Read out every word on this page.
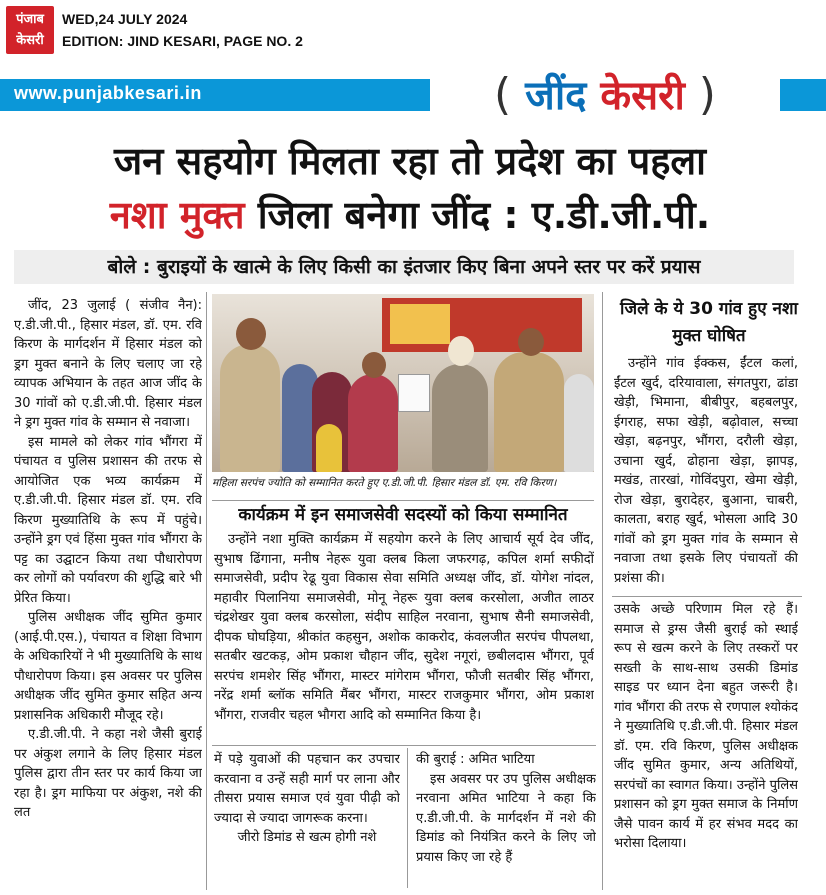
पंजाब
केसरी
WED,24 JULY 2024
EDITION: JIND KESARI, PAGE NO. 2
www.punjabkesari.in	( जींद केसरी )
जन सहयोग मिलता रहा तो प्रदेश का पहला
नशा मुक्त जिला बनेगा जींद : ए.डी.जी.पी.
बोले : बुराइयों के खात्मे के लिए किसी का इंतजार किए बिना अपने स्तर पर करें प्रयास

जींद, 23 जुलाई ( संजीव नैन): ए.डी.जी.पी., हिसार मंडल, डॉ. एम. रवि किरण के मार्गदर्शन में हिसार मंडल को ड्रग मुक्त बनाने के लिए चलाए जा रहे व्यापक अभियान के तहत आज जींद के 30 गांवों को ए.डी.जी.पी. हिसार मंडल ने ड्रग मुक्त गांव के सम्मान से नवाजा।

इस मामले को लेकर गांव भौंगरा में पंचायत व पुलिस प्रशासन की तरफ से आयोजित एक भव्य कार्यक्रम में ए.डी.जी.पी. हिसार मंडल डॉ. एम. रवि किरण मुख्यातिथि के रूप में पहुंचे। उन्होंने ड्रग एवं हिंसा मुक्त गांव भौंगरा के पट्ट का उद्घाटन किया तथा पौधारोपण कर लोगों को पर्यावरण की शुद्धि बारे भी प्रेरित किया।

पुलिस अधीक्षक जींद सुमित कुमार (आई.पी.एस.), पंचायत व शिक्षा विभाग के अधिकारियों ने भी मुख्यातिथि के साथ पौधारोपण किया। इस अवसर पर पुलिस अधीक्षक जींद सुमित कुमार सहित अन्य प्रशासनिक अधिकारी मौजूद रहे।

ए.डी.जी.पी. ने कहा नशे जैसी बुराई पर अंकुश लगाने के लिए हिसार मंडल पुलिस द्वारा तीन स्तर पर कार्य किया जा रहा है। ड्रग माफिया पर अंकुश, नशे की लत

महिला सरपंच ज्योति को सम्मानित करते हुए ए.डी.जी.पी. हिसार मंडल डॉ. एम. रवि किरण।
कार्यक्रम में इन समाजसेवी सदस्यों को किया सम्मानित

उन्होंने नशा मुक्ति कार्यक्रम में सहयोग करने के लिए आचार्य सूर्य देव जींद, सुभाष ढिंगाना, मनीष नेहरू युवा क्लब किला जफरगढ़, कपिल शर्मा सफीदों समाजसेवी, प्रदीप रेढू युवा विकास सेवा समिति अध्यक्ष जींद, डॉ. योगेश नांदल, महावीर पिलानिया समाजसेवी, मोनू नेहरू युवा क्लब करसोला, अजीत लाठर चंद्रशेखर युवा क्लब करसोला, संदीप साहिल नरवाना, सुभाष सैनी समाजसेवी, दीपक घोघड़िया, श्रीकांत कहसुन, अशोक काकरोद, कंवलजीत सरपंच पीपलथा, सतबीर खटकड़, ओम प्रकाश चौहान जींद, सुदेश नगूरां, छबीलदास भौंगरा, पूर्व सरपंच शमशेर सिंह भौंगरा, मास्टर मांगेराम भौंगरा, फौजी सतबीर सिंह भौंगरा, नरेंद्र शर्मा ब्लॉक समिति मैंबर भौंगरा, मास्टर राजकुमार भौंगरा, ओम प्रकाश भौंगरा, राजवीर चहल भौगरा आदि को सम्मानित किया है।

में पड़े युवाओं की पहचान कर उपचार करवाना व उन्हें सही मार्ग पर लाना और तीसरा प्रयास समाज एवं युवा पीढ़ी को ज्यादा से ज्यादा जागरूक करना।

जीरो डिमांड से खत्म होगी नशे

की बुराई : अमित भाटिया

इस अवसर पर उप पुलिस अधीक्षक नरवाना अमित भाटिया ने कहा कि ए.डी.जी.पी. के मार्गदर्शन में नशे की डिमांड को नियंत्रित करने के लिए जो प्रयास किए जा रहे हैं

जिले के ये 30 गांव हुए नशा मुक्त घोषित

उन्होंने गांव ईक्कस, ईंटल कलां, ईंटल खुर्द, दरियावाला, संगतपुरा, ढांडा खेड़ी, भिमाना, बीबीपुर, बहबलपुर, ईगराह, सफा खेड़ी, बढ़ोवाल, सच्चा खेड़ा, बढ़नपुर, भौंगरा, दरौली खेड़ा, उचाना खुर्द, ढोहाना खेड़ा, झापड़, मखंड, तारखां, गोविंदपुरा, खेमा खेड़ी, रोज खेड़ा, बुरादेहर, बुआना, चाबरी, कालता, बराह खुर्द, भोसला आदि 30 गांवों को ड्रग मुक्त गांव के सम्मान से नवाजा तथा इसके लिए पंचायतों की प्रशंसा की।

उसके अच्छे परिणाम मिल रहे हैं। समाज से ड्रग्स जैसी बुराई को स्थाई रूप से खत्म करने के लिए तस्करों पर सख्ती के साथ-साथ उसकी डिमांड साइड पर ध्यान देना बहुत जरूरी है। गांव भौंगरा की तरफ से रणपाल श्योकंद ने मुख्यातिथि ए.डी.जी.पी. हिसार मंडल डॉ. एम. रवि किरण, पुलिस अधीक्षक जींद सुमित कुमार, अन्य अतिथियों, सरपंचों का स्वागत किया। उन्होंने पुलिस प्रशासन को ड्रग मुक्त समाज के निर्माण जैसे पावन कार्य में हर संभव मदद का भरोसा दिलाया।
